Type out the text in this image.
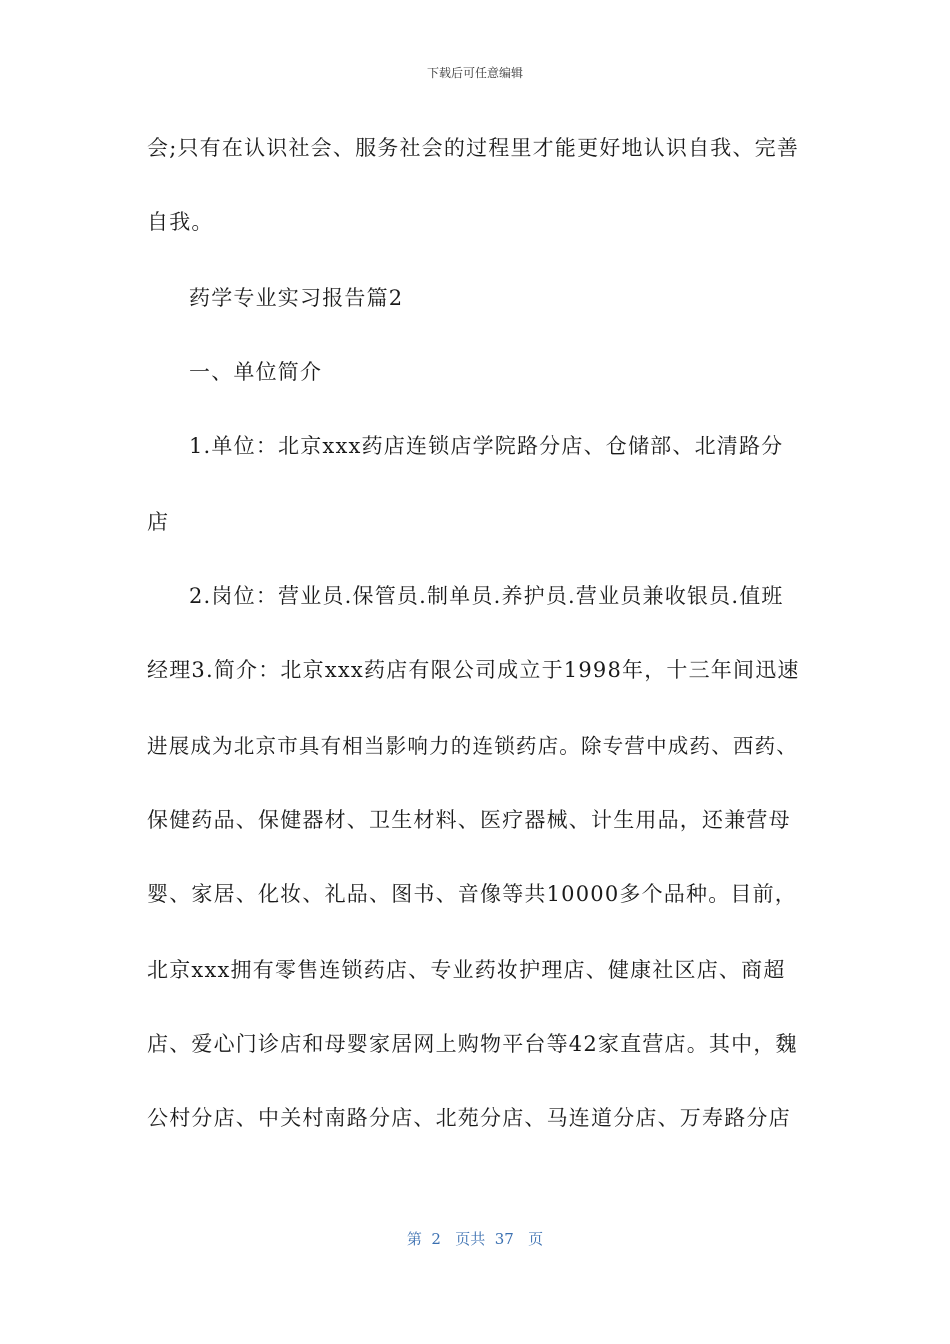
下载后可任意编辑
会;只有在认识社会、服务社会的过程里才能更好地认识自我、完善
自我。
药学专业实习报告篇2
一、单位简介
1.单位：北京xxx药店连锁店学院路分店、仓储部、北清路分
店
2.岗位：营业员.保管员.制单员.养护员.营业员兼收银员.值班
经理3.简介：北京xxx药店有限公司成立于1998年，十三年间迅速
进展成为北京市具有相当影响力的连锁药店。除专营中成药、西药、
保健药品、保健器材、卫生材料、医疗器械、计生用品，还兼营母
婴、家居、化妆、礼品、图书、音像等共10000多个品种。目前，
北京xxx拥有零售连锁药店、专业药妆护理店、健康社区店、商超
店、爱心门诊店和母婴家居网上购物平台等42家直营店。其中，魏
公村分店、中关村南路分店、北苑分店、马连道分店、万寿路分店
第  2   页共  37   页
